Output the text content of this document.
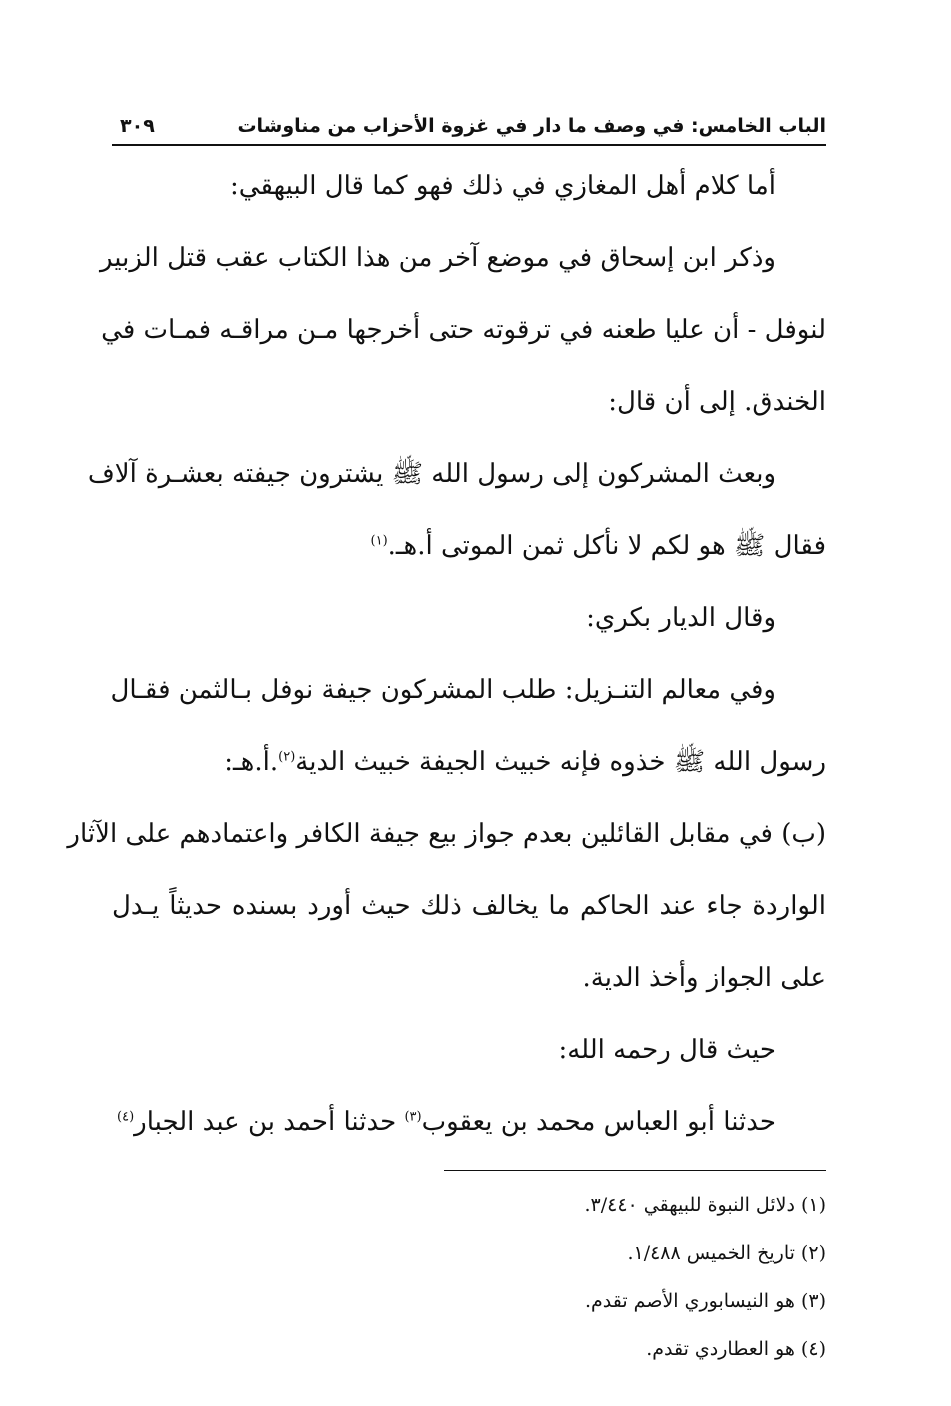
الباب الخامس: في وصف ما دار في غزوة الأحزاب من مناوشات
٣٠٩
أما كلام أهل المغازي في ذلك فهو كما قال البيهقي:
وذكر ابن إسحاق في موضع آخر من هذا الكتاب عقب قتل الزبير
لنوفل - أن عليا طعنه في ترقوته حتى أخرجها مـن مراقـه فمـات في
الخندق. إلى أن قال:
وبعث المشركون إلى رسول الله ﷺ يشترون جيفته بعشـرة آلاف
فقال ﷺ هو لكم لا نأكل ثمن الموتى أ.هـ.$^{(١)}$
وقال الديار بكري:
وفي معالم التنـزيل: طلب المشركون جيفة نوفل بـالثمن فقـال
رسول الله ﷺ خذوه فإنه خبيث الجيفة خبيث الدية$^{(٢)}$.أ.هـ:
(ب) في مقابل القائلين بعدم جواز بيع جيفة الكافر واعتمادهم على الآثار
الواردة جاء عند الحاكم ما يخالف ذلك حيث أورد بسنده حديثاً يـدل
على الجواز وأخذ الدية.
حيث قال رحمه الله:
حدثنا أبو العباس محمد بن يعقوب$^{(٣)}$ حدثنا أحمد بن عبد الجبار$^{(٤)}$
(١) دلائل النبوة للبيهقي ٣/٤٤٠.
(٢) تاريخ الخميس ١/٤٨٨.
(٣) هو النيسابوري الأصم تقدم.
(٤) هو العطاردي تقدم.
